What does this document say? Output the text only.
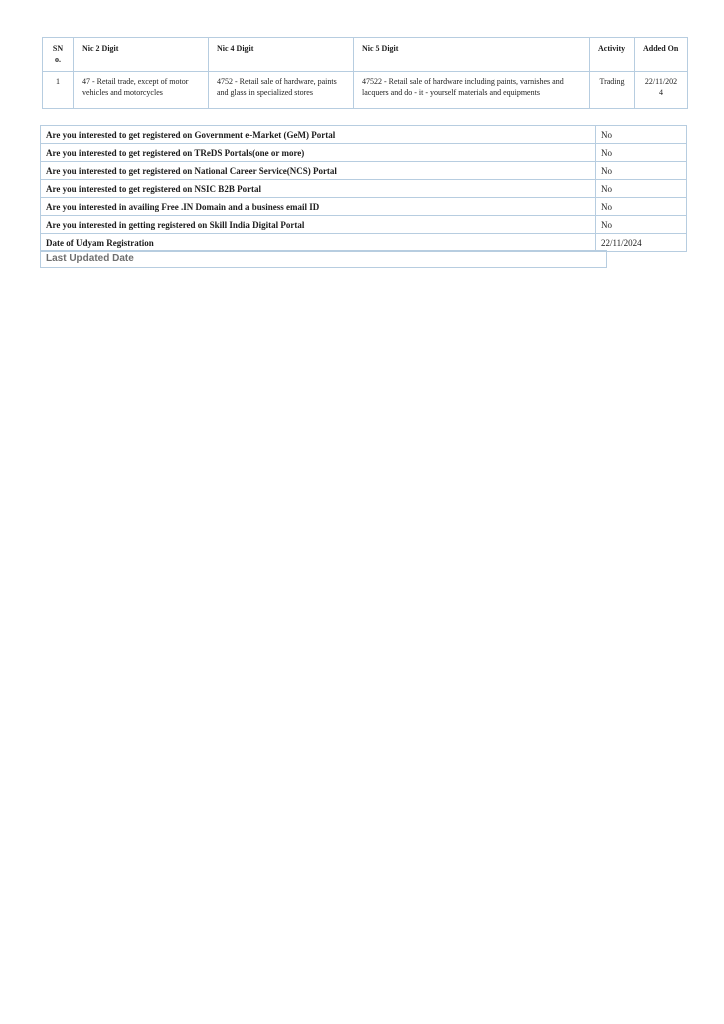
SNo.	Nic 2 Digit	Nic 4 Digit	Nic 5 Digit	Activity	Added On
1	47 - Retail trade, except of motor vehicles and motorcycles	4752 - Retail sale of hardware, paints and glass in specialized stores	47522 - Retail sale of hardware including paints, varnishes and lacquers and do - it - yourself materials and equipments	Trading	22/11/2024
Are you interested to get registered on Government e-Market (GeM) Portal	No
Are you interested to get registered on TReDS Portals(one or more)	No
Are you interested to get registered on National Career Service(NCS) Portal	No
Are you interested to get registered on NSIC B2B Portal	No
Are you interested in availing Free .IN Domain and a business email ID	No
Are you interested in getting registered on Skill India Digital Portal	No
Date of Udyam Registration	22/11/2024
Last Updated Date
